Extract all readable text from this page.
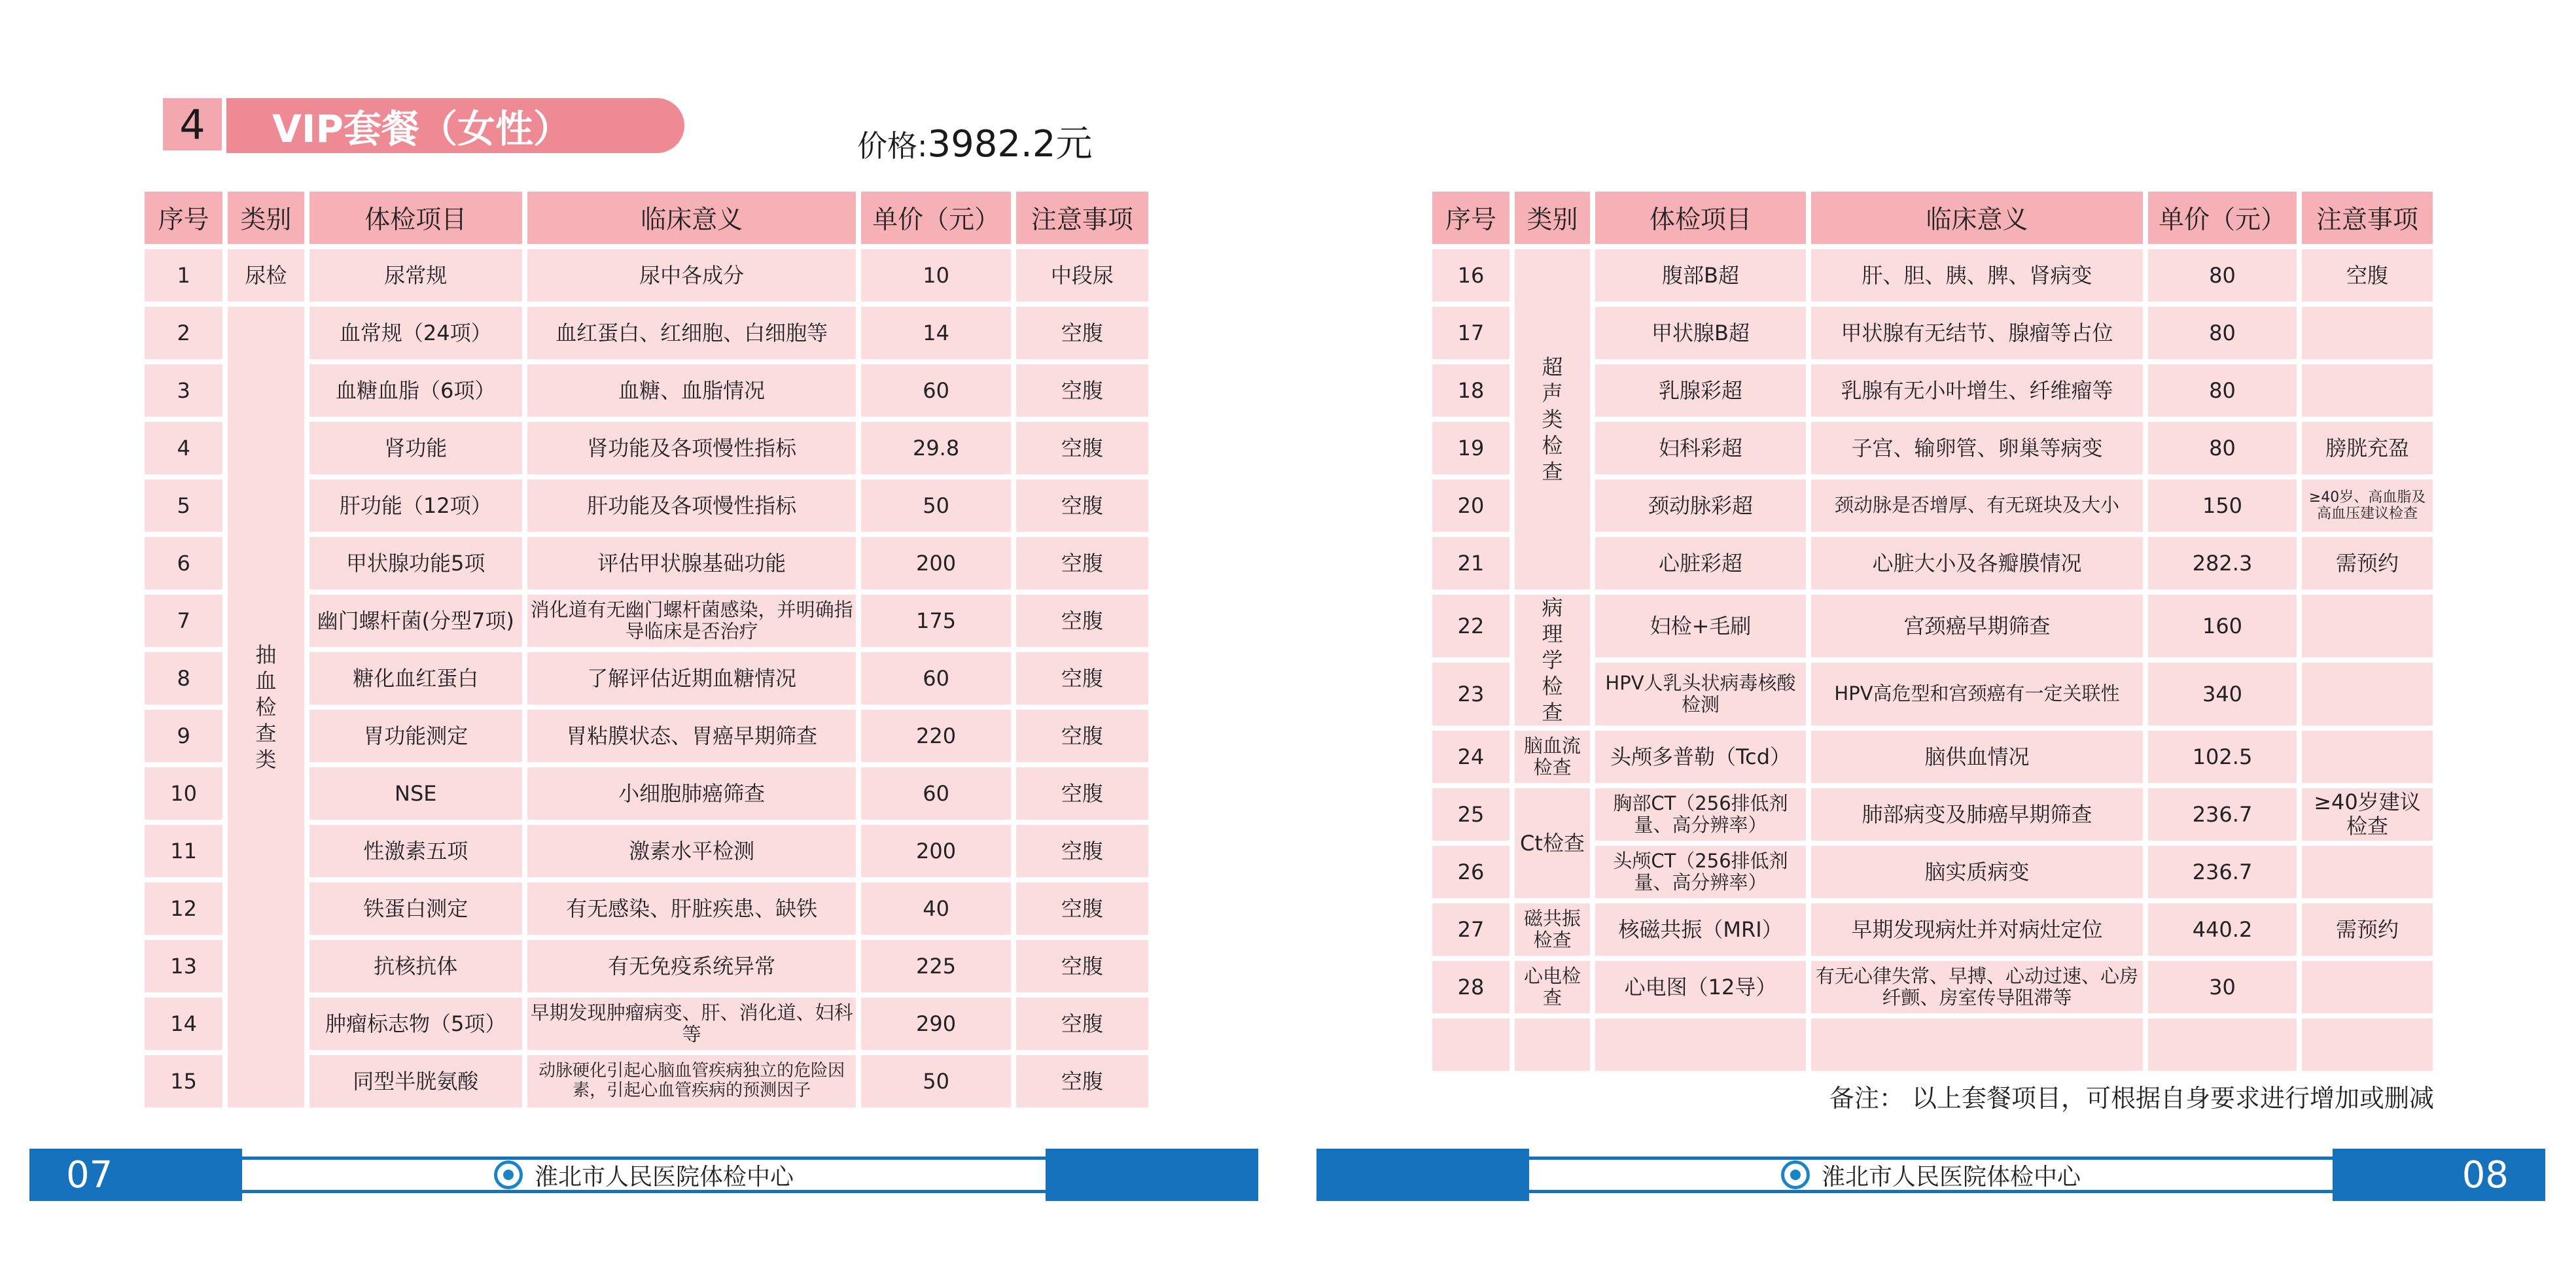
4	VIP套餐（女性）	价格:3982.2元
序号	类别	体检项目	临床意义	单价（元）	注意事项
1	尿检	尿常规	尿中各成分	10	中段尿
2	抽血检查类	血常规（24项）	血红蛋白、红细胞、白细胞等	14	空腹
3		血糖血脂（6项）	血糖、血脂情况	60	空腹
4		肾功能	肾功能及各项慢性指标	29.8	空腹
5		肝功能（12项）	肝功能及各项慢性指标	50	空腹
6		甲状腺功能5项	评估甲状腺基础功能	200	空腹
7		幽门螺杆菌(分型7项)	消化道有无幽门螺杆菌感染，并明确指导临床是否治疗	175	空腹
8		糖化血红蛋白	了解评估近期血糖情况	60	空腹
9		胃功能测定	胃粘膜状态、胃癌早期筛查	220	空腹
10		NSE	小细胞肺癌筛查	60	空腹
11		性激素五项	激素水平检测	200	空腹
12		铁蛋白测定	有无感染、肝脏疾患、缺铁	40	空腹
13		抗核抗体	有无免疫系统异常	225	空腹
14		肿瘤标志物（5项）	早期发现肿瘤病变、肝、消化道、妇科等	290	空腹
15		同型半胱氨酸	动脉硬化引起心脑血管疾病独立的危险因素，引起心血管疾病的预测因子	50	空腹
序号	类别	体检项目	临床意义	单价（元）	注意事项
16	超声类检查	腹部B超	肝、胆、胰、脾、肾病变	80	空腹
17		甲状腺B超	甲状腺有无结节、腺瘤等占位	80	
18		乳腺彩超	乳腺有无小叶增生、纤维瘤等	80	
19		妇科彩超	子宫、输卵管、卵巢等病变	80	膀胱充盈
20		颈动脉彩超	颈动脉是否增厚、有无斑块及大小	150	≥40岁、高血脂及高血压建议检查
21		心脏彩超	心脏大小及各瓣膜情况	282.3	需预约
22	病理学检查	妇检+毛刷	宫颈癌早期筛查	160	
23		HPV人乳头状病毒核酸检测	HPV高危型和宫颈癌有一定关联性	340	
24	脑血流检查	头颅多普勒（Tcd）	脑供血情况	102.5	
25	Ct检查	胸部CT（256排低剂量、高分辨率）	肺部病变及肺癌早期筛查	236.7	≥40岁建议检查
26		头颅CT（256排低剂量、高分辨率）	脑实质病变	236.7	
27	磁共振检查	核磁共振（MRI）	早期发现病灶并对病灶定位	440.2	需预约
28	心电检查	心电图（12导）	有无心律失常、早搏、心动过速、心房纤颤、房室传导阻滞等	30	

备注： 以上套餐项目，可根据自身要求进行增加或删减
07	淮北市人民医院体检中心	淮北市人民医院体检中心	08
